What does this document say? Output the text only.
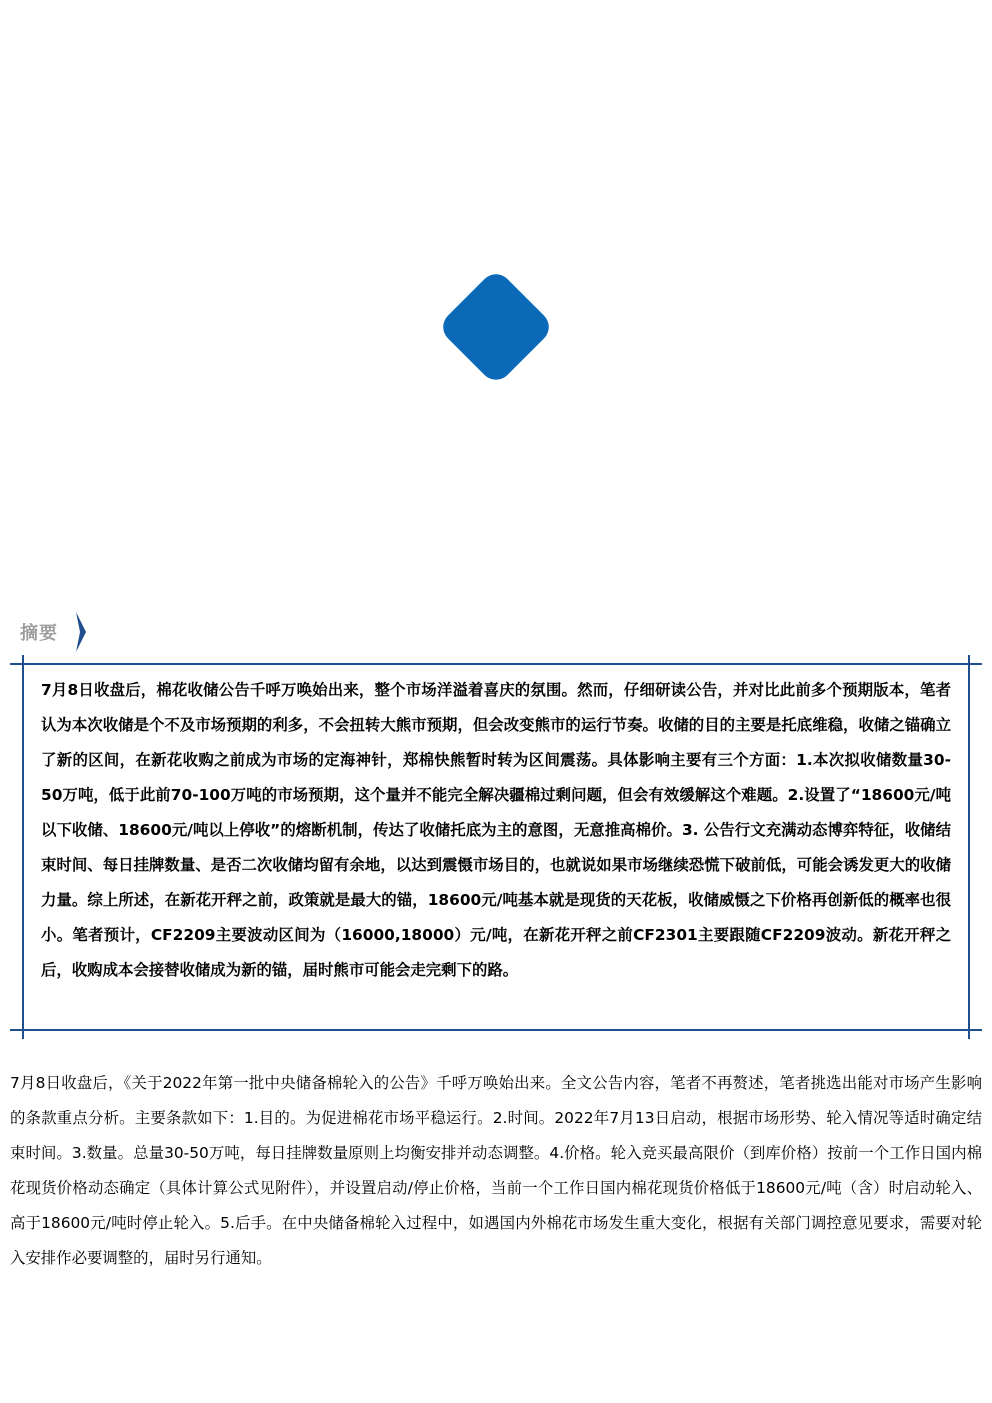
摘要

7月8日收盘后，棉花收储公告千呼万唤始出来，整个市场洋溢着喜庆的氛围。然而，仔细研读公告，并对比此前多个预期版本，笔者认为本次收储是个不及市场预期的利多，不会扭转大熊市预期，但会改变熊市的运行节奏。收储的目的主要是托底维稳，收储之锚确立了新的区间，在新花收购之前成为市场的定海神针，郑棉快熊暂时转为区间震荡。具体影响主要有三个方面：1.本次拟收储数量30-50万吨，低于此前70-100万吨的市场预期，这个量并不能完全解决疆棉过剩问题，但会有效缓解这个难题。2.设置了“18600元/吨以下收储、18600元/吨以上停收”的熔断机制，传达了收储托底为主的意图，无意推高棉价。3. 公告行文充满动态博弈特征，收储结束时间、每日挂牌数量、是否二次收储均留有余地，以达到震慑市场目的，也就说如果市场继续恐慌下破前低，可能会诱发更大的收储力量。综上所述，在新花开秤之前，政策就是最大的锚，18600元/吨基本就是现货的天花板，收储威慑之下价格再创新低的概率也很小。笔者预计，CF2209主要波动区间为（16000,18000）元/吨，在新花开秤之前CF2301主要跟随CF2209波动。新花开秤之后，收购成本会接替收储成为新的锚，届时熊市可能会走完剩下的路。

7月8日收盘后，《关于2022年第一批中央储备棉轮入的公告》千呼万唤始出来。全文公告内容，笔者不再赘述，笔者挑选出能对市场产生影响的条款重点分析。主要条款如下：1.目的。为促进棉花市场平稳运行。2.时间。2022年7月13日启动，根据市场形势、轮入情况等适时确定结束时间。3.数量。总量30-50万吨，每日挂牌数量原则上均衡安排并动态调整。4.价格。轮入竞买最高限价（到库价格）按前一个工作日国内棉花现货价格动态确定（具体计算公式见附件），并设置启动/停止价格，当前一个工作日国内棉花现货价格低于18600元/吨（含）时启动轮入、高于18600元/吨时停止轮入。5.后手。在中央储备棉轮入过程中，如遇国内外棉花市场发生重大变化，根据有关部门调控意见要求，需要对轮入安排作必要调整的，届时另行通知。
